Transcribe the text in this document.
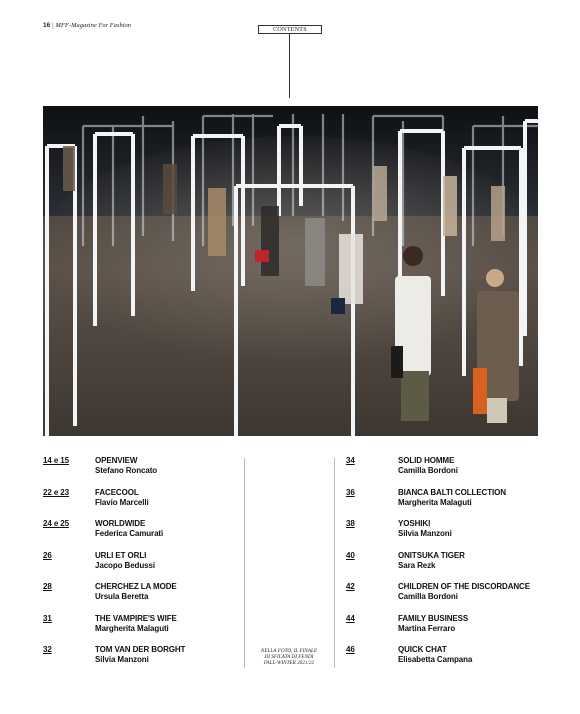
16 | MFF-Magazine For Fashion
CONTENTS
14 e 15	OPENVIEW
Stefano Roncato
22 e 23	FACECOOL
Flavio Marcelli
24 e 25	WORLDWIDE
Federica Camurati
26	URLI ET ORLI
Jacopo Bedussi
28	CHERCHEZ LA MODE
Ursula Beretta
31	THE VAMPIRE'S WIFE
Margherita Malaguti
32	TOM VAN DER BORGHT
Silvia Manzoni
NELLA FOTO, IL FINALE
DI SFILATA DI FENDI
FALL-WINTER 2021/22
34	SOLID HOMME
Camilla Bordoni
36	BIANCA BALTI COLLECTION
Margherita Malaguti
38	YOSHIKI
Silvia Manzoni
40	ONITSUKA TIGER
Sara Rezk
42	CHILDREN OF THE DISCORDANCE
Camilla Bordoni
44	FAMILY BUSINESS
Martina Ferraro
46	QUICK CHAT
Elisabetta Campana
